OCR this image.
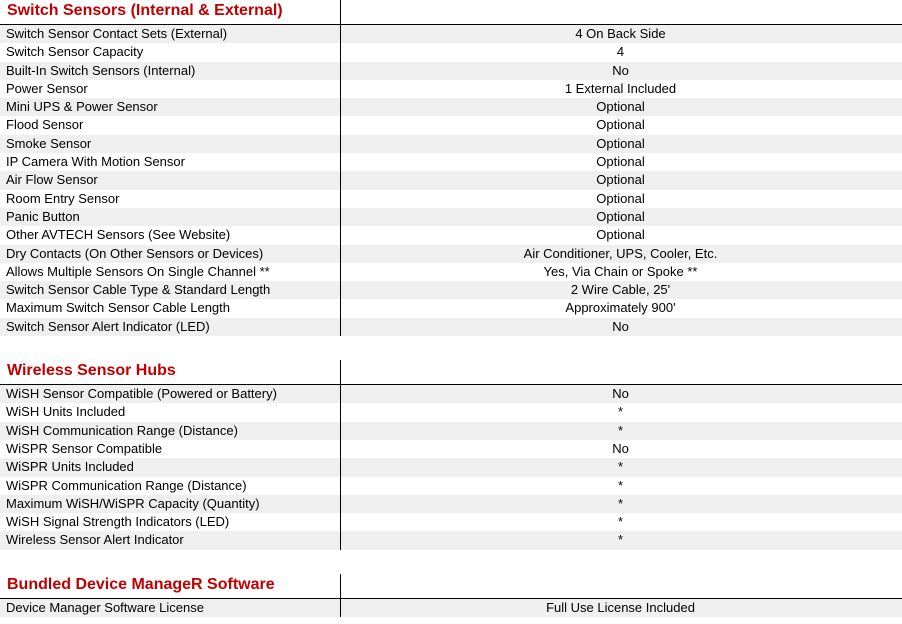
Switch Sensors (Internal & External)
Switch Sensor Contact Sets (External)	4 On Back Side
Switch Sensor Capacity	4
Built-In Switch Sensors (Internal)	No
Power Sensor	1 External Included
Mini UPS & Power Sensor	Optional
Flood Sensor	Optional
Smoke Sensor	Optional
IP Camera With Motion Sensor	Optional
Air Flow Sensor	Optional
Room Entry Sensor	Optional
Panic Button	Optional
Other AVTECH Sensors (See Website)	Optional
Dry Contacts (On Other Sensors or Devices)	Air Conditioner, UPS, Cooler, Etc.
Allows Multiple Sensors On Single Channel **	Yes, Via Chain or Spoke **
Switch Sensor Cable Type & Standard Length	2 Wire Cable, 25'
Maximum Switch Sensor Cable Length	Approximately 900'
Switch Sensor Alert Indicator (LED)	No
Wireless Sensor Hubs
WiSH Sensor Compatible (Powered or Battery)	No
WiSH Units Included	*
WiSH Communication Range (Distance)	*
WiSPR Sensor Compatible	No
WiSPR Units Included	*
WiSPR Communication Range (Distance)	*
Maximum WiSH/WiSPR Capacity (Quantity)	*
WiSH Signal Strength Indicators (LED)	*
Wireless Sensor Alert Indicator	*
Bundled Device ManageR Software
Device Manager Software License	Full Use License Included
